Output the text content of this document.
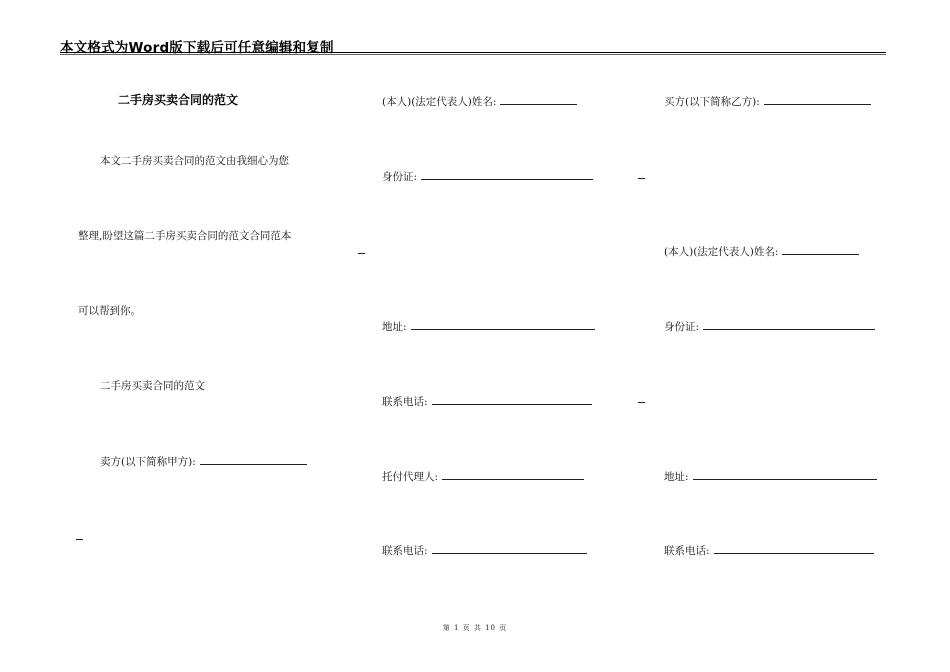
本文格式为Word版下载后可任意编辑和复制
二手房买卖合同的范文
本文二手房买卖合同的范文由我细心为您
整理,盼望这篇二手房买卖合同的范文合同范本
可以帮到你。
二手房买卖合同的范文
卖方(以下简称甲方):
(本人)(法定代表人)姓名:
身份证:
地址:
联系电话:
托付代理人:
联系电话:
买方(以下简称乙方):
(本人)(法定代表人)姓名:
身份证:
地址:
联系电话:
第 1 页 共 10 页
